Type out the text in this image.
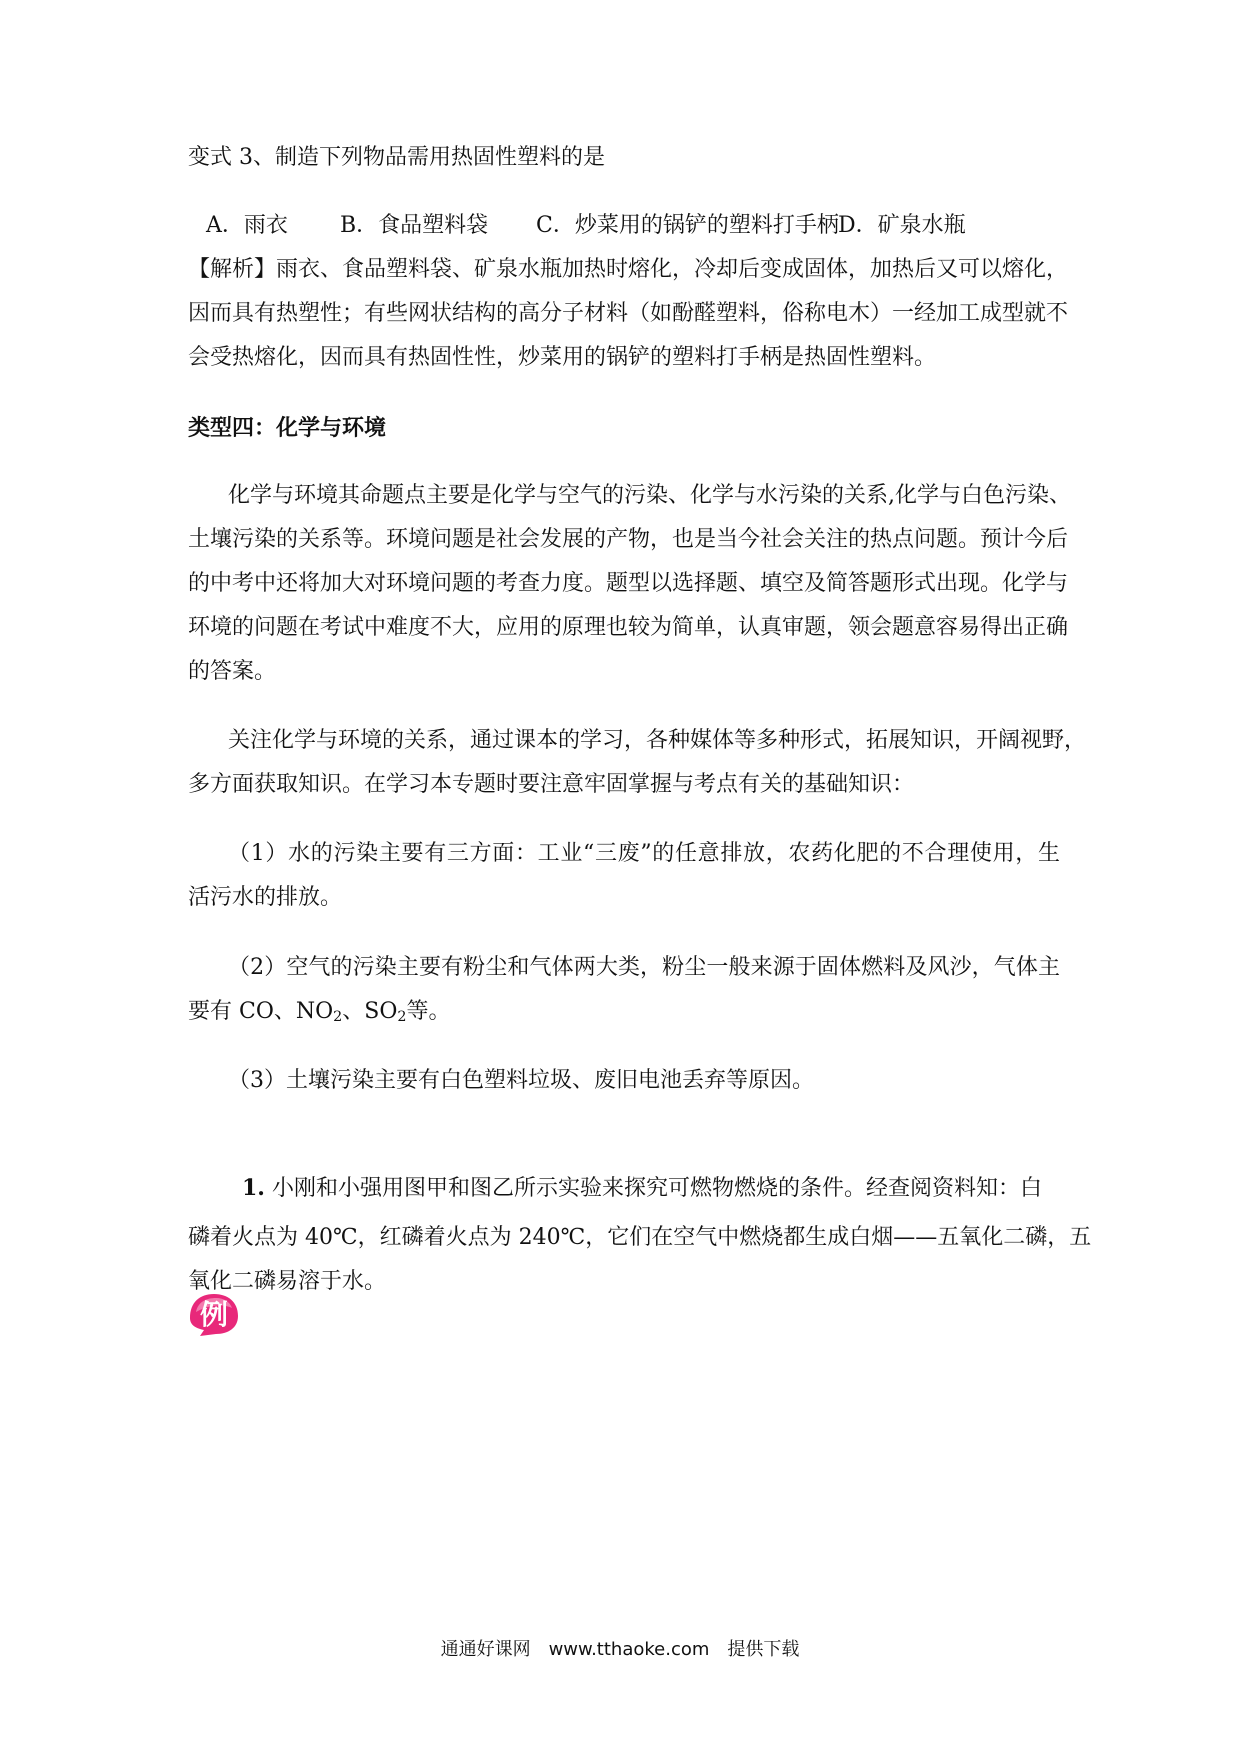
变式 3、制造下列物品需用热固性塑料的是
A．雨衣 B．食品塑料袋 C．炒菜用的锅铲的塑料打手柄 D．矿泉水瓶
【解析】雨衣、食品塑料袋、矿泉水瓶加热时熔化，冷却后变成固体，加热后又可以熔化，
因而具有热塑性；有些网状结构的高分子材料（如酚醛塑料，俗称电木）一经加工成型就不
会受热熔化，因而具有热固性性，炒菜用的锅铲的塑料打手柄是热固性塑料。
类型四：化学与环境
化学与环境其命题点主要是化学与空气的污染、化学与水污染的关系,化学与白色污染、
土壤污染的关系等。环境问题是社会发展的产物，也是当今社会关注的热点问题。预计今后
的中考中还将加大对环境问题的考查力度。题型以选择题、填空及简答题形式出现。化学与
环境的问题在考试中难度不大，应用的原理也较为简单，认真审题，领会题意容易得出正确
的答案。
关注化学与环境的关系，通过课本的学习，各种媒体等多种形式，拓展知识，开阔视野，
多方面获取知识。在学习本专题时要注意牢固掌握与考点有关的基础知识：
（1）水的污染主要有三方面：工业“三废”的任意排放，农药化肥的不合理使用，生
活污水的排放。
（2）空气的污染主要有粉尘和气体两大类，粉尘一般来源于固体燃料及风沙，气体主
要有 CO、NO2、SO2等。
（3）土壤污染主要有白色塑料垃圾、废旧电池丢弃等原因。
例
1. 小刚和小强用图甲和图乙所示实验来探究可燃物燃烧的条件。经查阅资料知：白
磷着火点为 40℃，红磷着火点为 240℃，它们在空气中燃烧都生成白烟——五氧化二磷，五
氧化二磷易溶于水。
通通好课网　www.tthaoke.com　提供下载
